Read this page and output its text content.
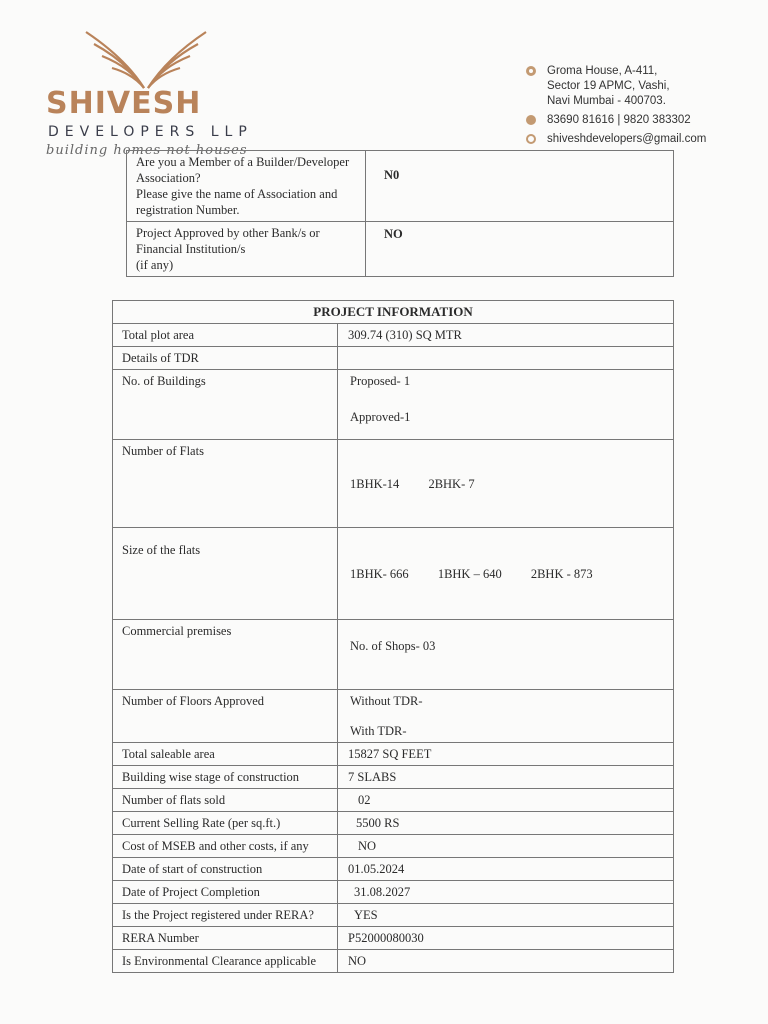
SHIVESH
DEVELOPERS LLP
building homes not houses
Groma House, A-411,
Sector 19 APMC, Vashi,
Navi Mumbai - 400703.
83690 81616 | 9820 383302
shiveshdevelopers@gmail.com
Are you a Member of a Builder/Developer Association?
Please give the name of Association and registration Number.	N0

Project Approved by other Bank/s or Financial Institution/s
(if any)	NO
PROJECT INFORMATION	
Total plot area	309.74 (310) SQ MTR
Details of TDR	
No. of Buildings	Proposed- 1
Approved-1

Number of Flats	1BHK-14 2BHK- 7
Size of the flats	1BHK- 666 1BHK – 640 2BHK - 873
Commercial premises	No. of Shops- 03
Number of Floors Approved	Without TDR-
With TDR-

Total saleable area	15827 SQ FEET
Building wise stage of construction	7 SLABS
Number of flats sold	02
Current Selling Rate (per sq.ft.)	5500 RS
Cost of MSEB and other costs, if any	NO
Date of start of construction	01.05.2024
Date of Project Completion	31.08.2027
Is the Project registered under RERA?	YES
RERA Number	P52000080030
Is Environmental Clearance applicable	NO
